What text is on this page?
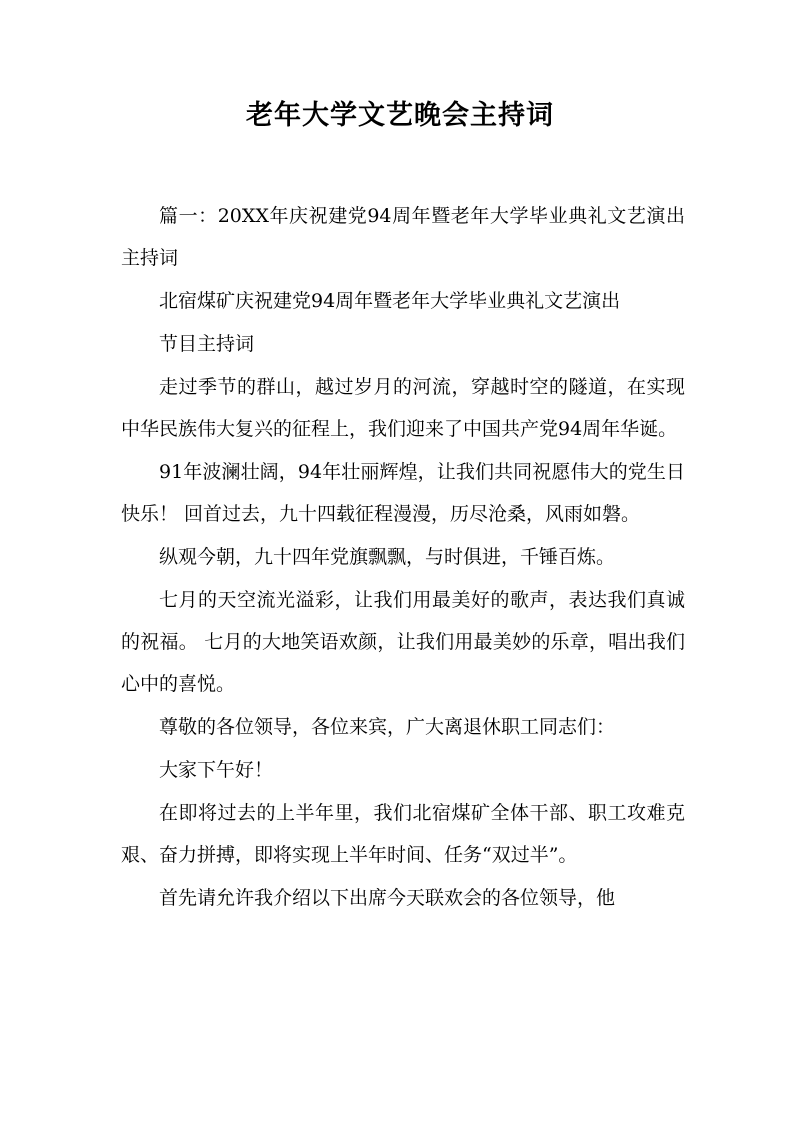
老年大学文艺晚会主持词

篇一：20XX年庆祝建党94周年暨老年大学毕业典礼文艺演出主持词

北宿煤矿庆祝建党94周年暨老年大学毕业典礼文艺演出

节目主持词

走过季节的群山，越过岁月的河流，穿越时空的隧道，在实现中华民族伟大复兴的征程上，我们迎来了中国共产党94周年华诞。

91年波澜壮阔，94年壮丽辉煌，让我们共同祝愿伟大的党生日快乐！ 回首过去，九十四载征程漫漫，历尽沧桑，风雨如磐。

纵观今朝，九十四年党旗飘飘，与时俱进，千锤百炼。

七月的天空流光溢彩，让我们用最美好的歌声，表达我们真诚的祝福。 七月的大地笑语欢颜，让我们用最美妙的乐章，唱出我们心中的喜悦。

尊敬的各位领导，各位来宾，广大离退休职工同志们：

大家下午好！

在即将过去的上半年里，我们北宿煤矿全体干部、职工攻难克艰、奋力拼搏，即将实现上半年时间、任务“双过半”。

首先请允许我介绍以下出席今天联欢会的各位领导，他
